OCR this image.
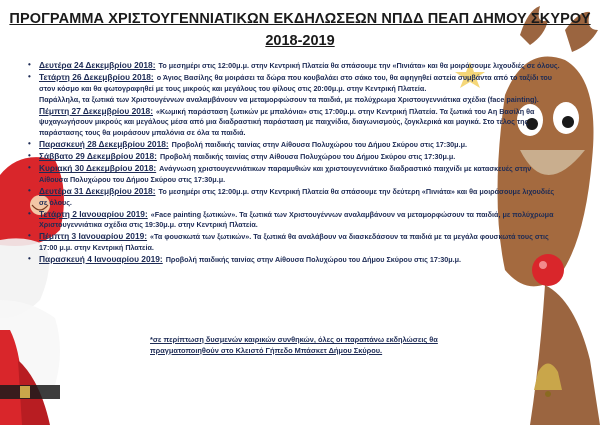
ΠΡΟΓΡΑΜΜΑ ΧΡΙΣΤΟΥΓΕΝΝΙΑΤΙΚΩΝ ΕΚΔΗΛΩΣΕΩΝ ΝΠΔΔ ΠΕΑΠ ΔΗΜΟΥ ΣΚΥΡΟΥ
2018-2019
• Δευτέρα 24 Δεκεμβρίου 2018: Το μεσημέρι στις 12:00μ.μ. στην Κεντρική Πλατεία θα σπάσουμε την «Πινιάτα» και θα μοιράσουμε λιχουδιές σε όλους.
• Τετάρτη 26 Δεκεμβρίου 2018: ο Άγιος Βασίλης θα μοιράσει τα δώρα που κουβαλάει στο σάκο του, θα αφηγηθεί αστεία συμβάντα από το ταξίδι του στον κόσμο και θα φωτογραφηθεί με τους μικρούς και μεγάλους του φίλους στις 20:00μ.μ. στην Κεντρική Πλατεία.
Παράλληλα, τα ξωτικά των Χριστουγέννων αναλαμβάνουν να μεταμορφώσουν τα παιδιά, με πολύχρωμα Χριστουγεννιάτικα σχέδια (face painting).
Πέμπτη 27 Δεκεμβρίου 2018: «Κωμική παράσταση ξωτικών με μπαλόνια» στις 17:00μ.μ. στην Κεντρική Πλατεία. Τα ξωτικά του Αη Βασίλη θα ψυχαγωγήσουν μικρούς και μεγάλους μέσα από μια διαδραστική παράσταση με παιχνίδια, διαγωνισμούς, ζογκλερικά και μαγικά. Στο τέλος της παράστασης τους θα μοιράσουν μπαλόνια σε όλα τα παιδιά.
• Παρασκευή 28 Δεκεμβρίου 2018: Προβολή παιδικής ταινίας στην Αίθουσα Πολυχώρου του Δήμου Σκύρου στις 17:30μ.μ.
• Σάββατο 29 Δεκεμβρίου 2018: Προβολή παιδικής ταινίας στην Αίθουσα Πολυχώρου του Δήμου Σκύρου στις 17:30μ.μ.
• Κυριακή 30 Δεκεμβρίου 2018: Ανάγνωση χριστουγεννιάτικων παραμυθιών και χριστουγεννιάτικο διαδραστικό παιχνίδι με κατασκευές στην Αίθουσα Πολυχώρου του Δήμου Σκύρου στις 17:30μ.μ.
• Δευτέρα 31 Δεκεμβρίου 2018: Το μεσημέρι στις 12:00μ.μ. στην Κεντρική Πλατεία θα σπάσουμε την δεύτερη «Πινιάτα» και θα μοιράσουμε λιχουδιές σε όλους.
• Τετάρτη 2 Ιανουαρίου 2019: «Face painting ξωτικών». Τα ξωτικά των Χριστουγέννων αναλαμβάνουν να μεταμορφώσουν τα παιδιά, με πολύχρωμα Χριστουγεννιάτικα σχέδια στις 19:30μ.μ. στην Κεντρική Πλατεία.
• Πέμπτη 3 Ιανουαρίου 2019: «Τα φουσκωτά των ξωτικών». Τα ξωτικά θα αναλάβουν να διασκεδάσουν τα παιδιά με τα μεγάλα φουσκωτά τους στις 17:00 μ.μ. στην Κεντρική Πλατεία.
• Παρασκευή 4 Ιανουαρίου 2019: Προβολή παιδικής ταινίας στην Αίθουσα Πολυχώρου του Δήμου Σκύρου στις 17:30μ.μ.
*σε περίπτωση δυσμενών καιρικών συνθηκών, όλες οι παραπάνω εκδηλώσεις θα πραγματοποιηθούν στο Κλειστό Γήπεδο Μπάσκετ Δήμου Σκύρου.
